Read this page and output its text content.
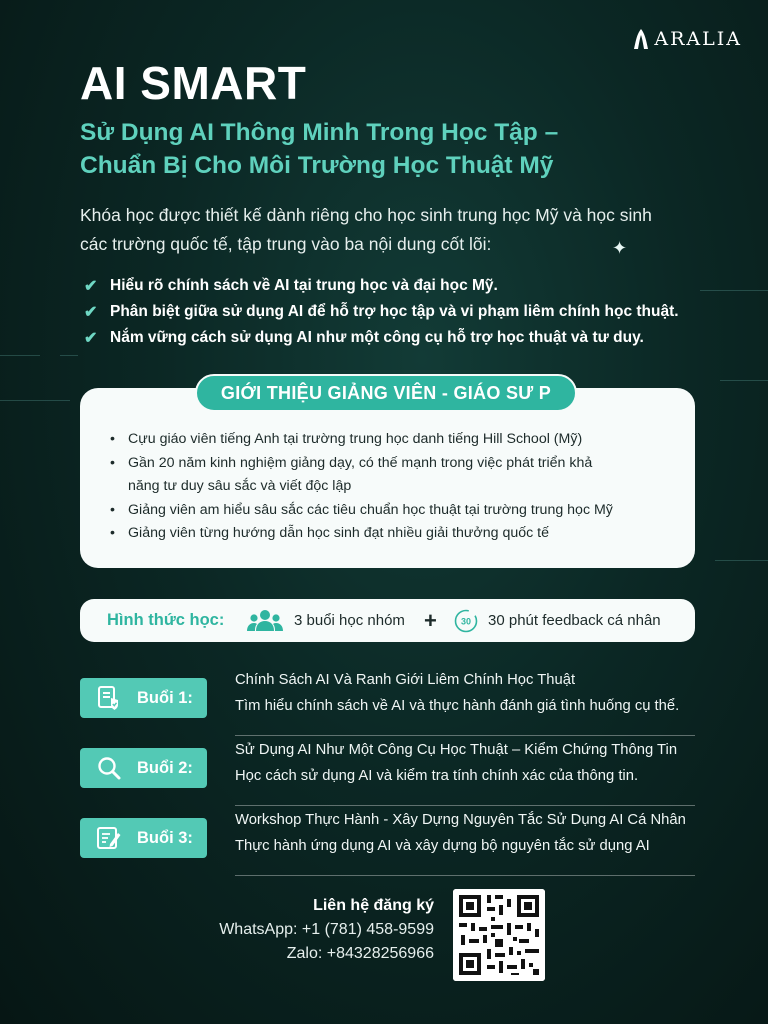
✦
ARALIA
AI SMART
Sử Dụng AI Thông Minh Trong Học Tập –
Chuẩn Bị Cho Môi Trường Học Thuật Mỹ
Khóa học được thiết kế dành riêng cho học sinh trung học Mỹ và học sinh
các trường quốc tế, tập trung vào ba nội dung cốt lõi:
✔ Hiểu rõ chính sách về AI tại trung học và đại học Mỹ.
✔ Phân biệt giữa sử dụng AI để hỗ trợ học tập và vi phạm liêm chính học thuật.
✔ Nắm vững cách sử dụng AI như một công cụ hỗ trợ học thuật và tư duy.
GIỚI THIỆU GIẢNG VIÊN - GIÁO SƯ P
• Cựu giáo viên tiếng Anh tại trường trung học danh tiếng Hill School (Mỹ)
• Gần 20 năm kinh nghiệm giảng dạy, có thế mạnh trong việc phát triển khả
năng tư duy sâu sắc và viết độc lập
• Giảng viên am hiểu sâu sắc các tiêu chuẩn học thuật tại trường trung học Mỹ
• Giảng viên từng hướng dẫn học sinh đạt nhiều giải thưởng quốc tế
Hình thức học:	3 buổi học nhóm +	30 30 phút feedback cá nhân
Buổi 1:
Chính Sách AI Và Ranh Giới Liêm Chính Học Thuật
Tìm hiểu chính sách về AI và thực hành đánh giá tình huống cụ thể.
Buổi 2:
Sử Dụng AI Như Một Công Cụ Học Thuật – Kiểm Chứng Thông Tin
Học cách sử dụng AI và kiểm tra tính chính xác của thông tin.
Buổi 3:
Workshop Thực Hành - Xây Dựng Nguyên Tắc Sử Dụng AI Cá Nhân
Thực hành ứng dụng AI và xây dựng bộ nguyên tắc sử dụng AI
Liên hệ đăng ký
WhatsApp: +1 (781) 458-9599
Zalo: +84328256966
